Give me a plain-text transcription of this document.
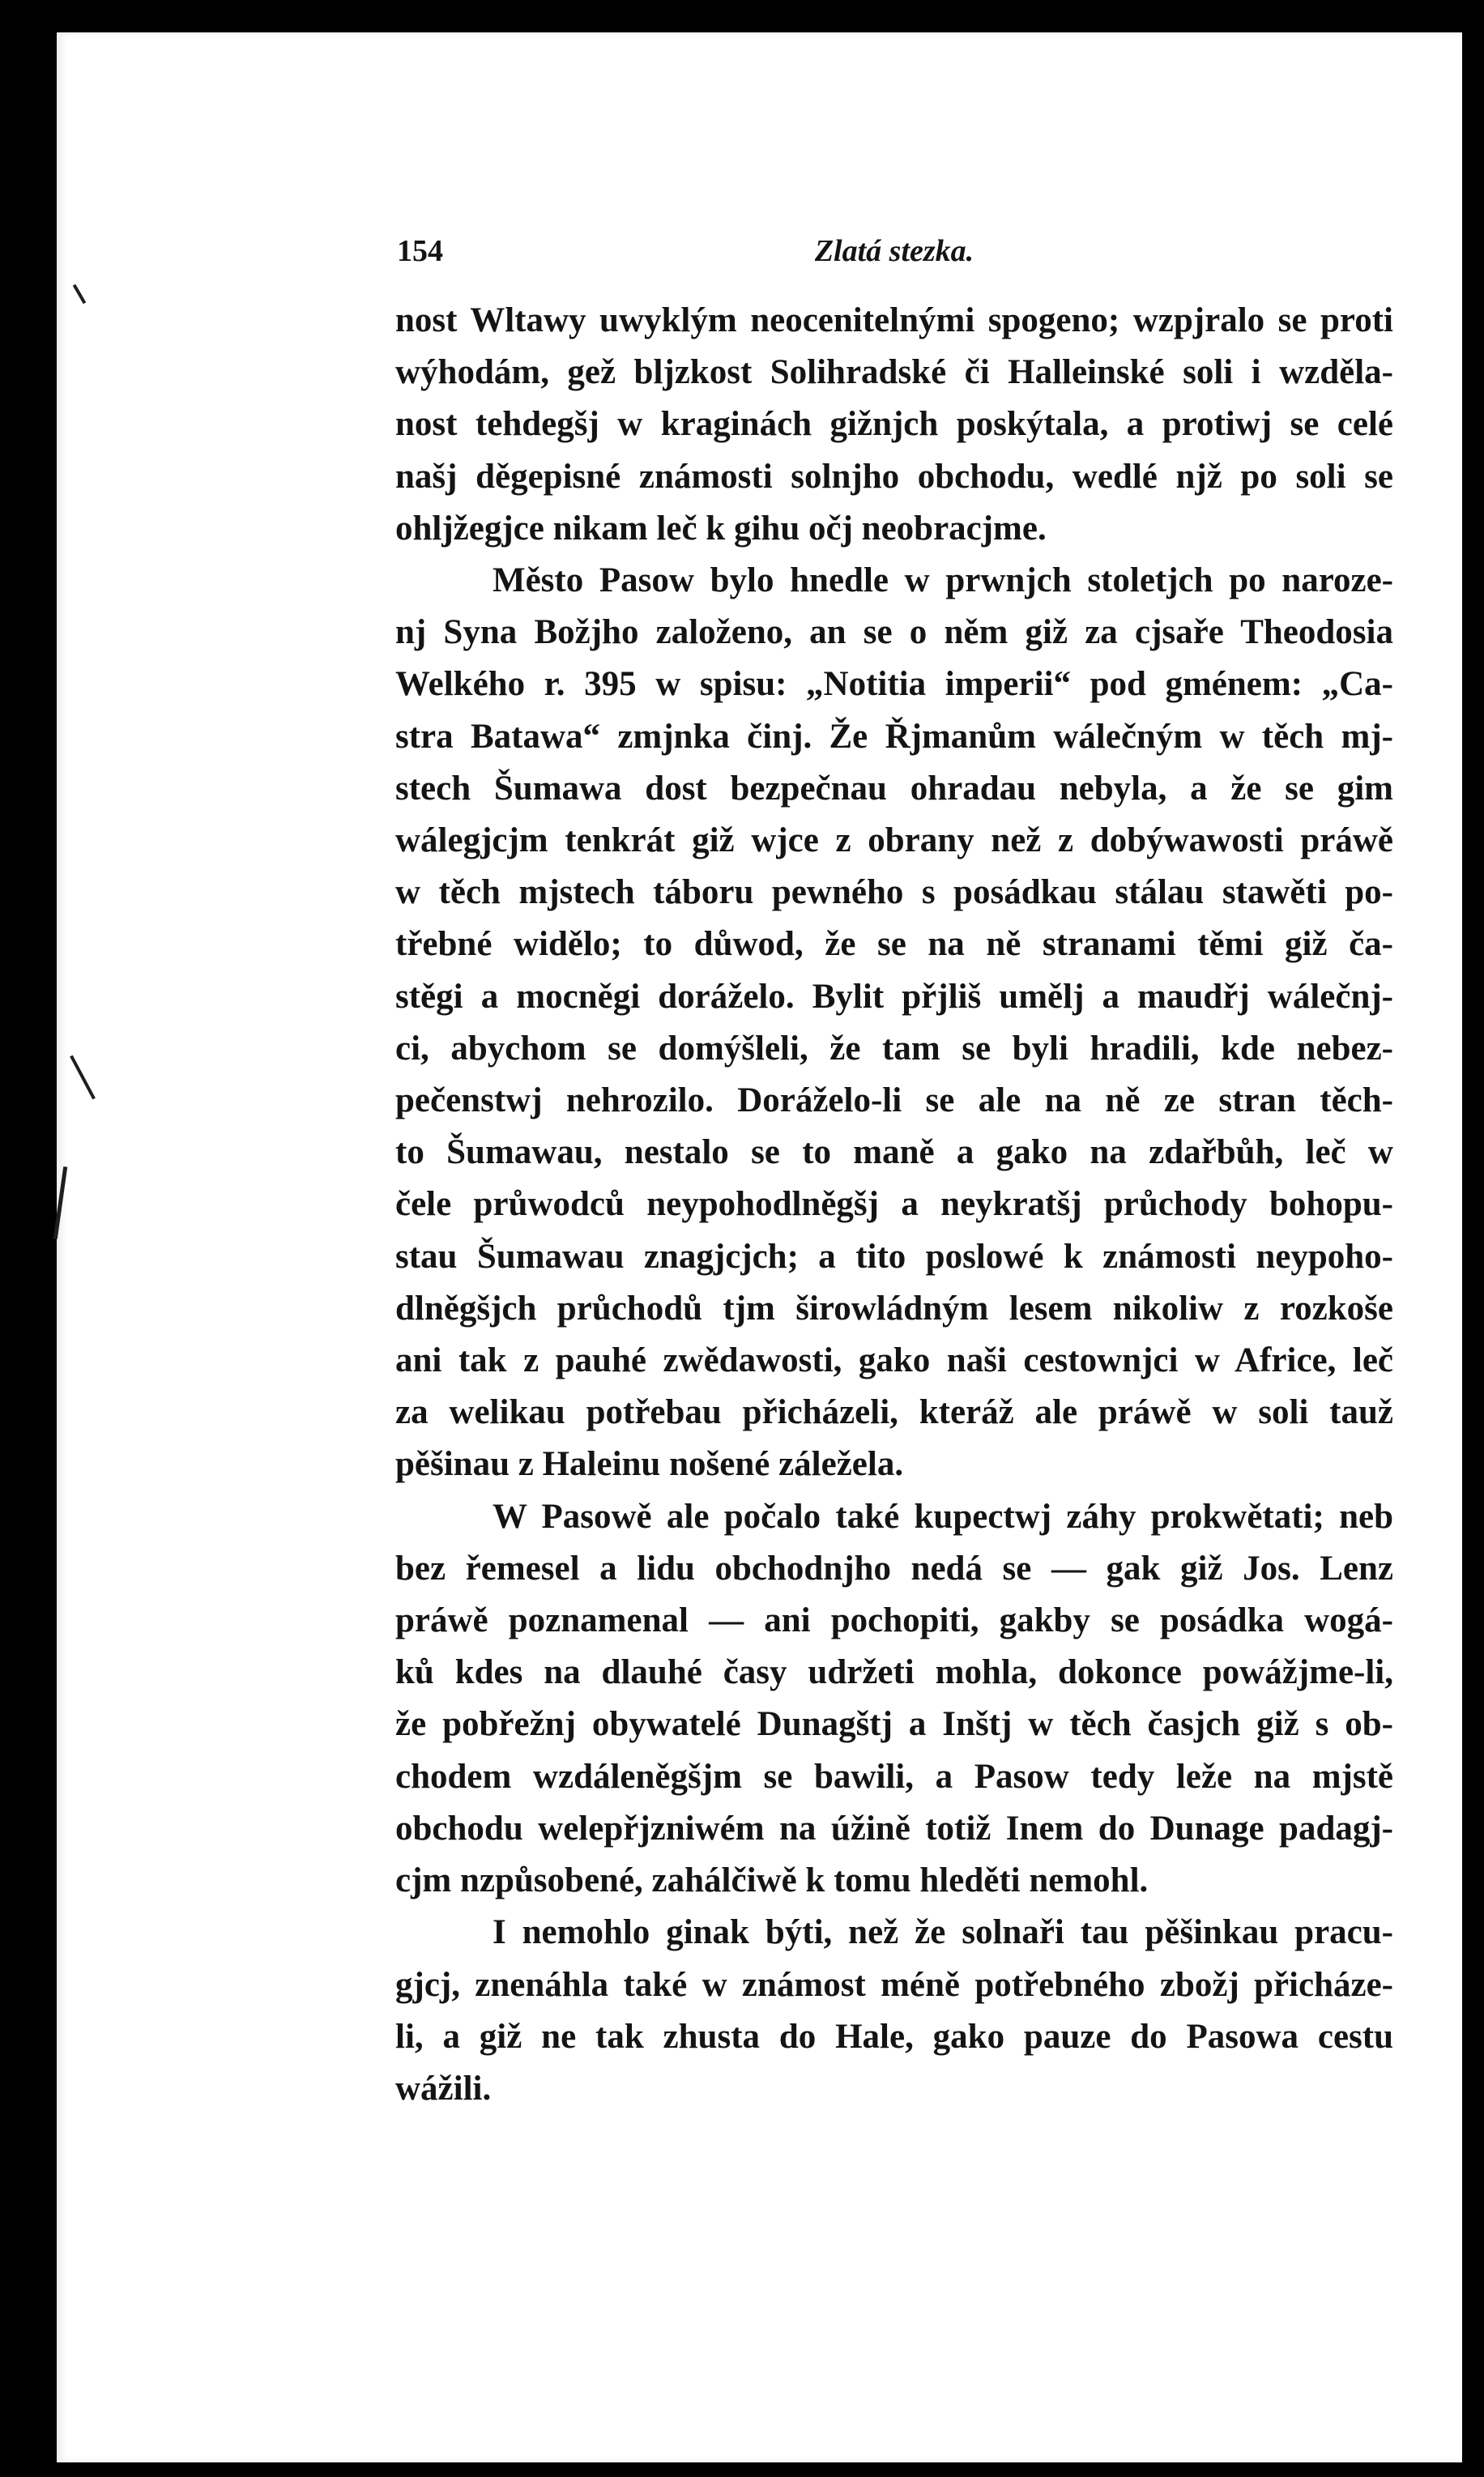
154	Zlatá stezka.

nost Wltawy uwyklým neocenitelnými spogeno; wzpjralo se proti
wýhodám, gež bljzkost Solihradské či Halleinské soli i wzděla-
nost tehdegšj w kraginách gižnjch poskýtala, a protiwj se celé
našj děgepisné známosti solnjho obchodu, wedlé njž po soli se
ohljžegjce nikam leč k gihu očj neobracjme.

Město Pasow bylo hnedle w prwnjch stoletjch po naroze-
nj Syna Božjho založeno, an se o něm giž za cjsaře Theodosia
Welkého r. 395 w spisu: „Notitia imperii“ pod gménem: „Ca-
stra Batawa“ zmjnka činj. Že Řjmanům wálečným w těch mj-
stech Šumawa dost bezpečnau ohradau nebyla, a že se gim
wálegjcjm tenkrát giž wjce z obrany než z dobýwawosti práwě
w těch mjstech táboru pewného s posádkau stálau stawěti po-
třebné widělo; to důwod, že se na ně stranami těmi giž ča-
stěgi a mocněgi doráželo. Bylit přjliš umělj a maudřj wálečnj-
ci, abychom se domýšleli, že tam se byli hradili, kde nebez-
pečenstwj nehrozilo. Doráželo-li se ale na ně ze stran těch-
to Šumawau, nestalo se to maně a gako na zdařbůh, leč w
čele průwodců neypohodlněgšj a neykratšj průchody bohopu-
stau Šumawau znagjcjch; a tito poslowé k známosti neypoho-
dlněgšjch průchodů tjm širowládným lesem nikoliw z rozkoše
ani tak z pauhé zwědawosti, gako naši cestownjci w Africe, leč
za welikau potřebau přicházeli, kteráž ale práwě w soli tauž
pěšinau z Haleinu nošené záležela.

W Pasowě ale počalo také kupectwj záhy prokwětati; neb
bez řemesel a lidu obchodnjho nedá se — gak giž Jos. Lenz
práwě poznamenal — ani pochopiti, gakby se posádka wogá-
ků kdes na dlauhé časy udržeti mohla, dokonce powážjme-li,
že pobřežnj obywatelé Dunagštj a Inštj w těch časjch giž s ob-
chodem wzdáleněgšjm se bawili, a Pasow tedy leže na mjstě
obchodu welepřjzniwém na úžině totiž Inem do Dunage padagj-
cjm nzpůsobené, zahálčiwě k tomu hleděti nemohl.

I nemohlo ginak býti, než že solnaři tau pěšinkau pracu-
gjcj, znenáhla také w známost méně potřebného zbožj přicháze-
li, a giž ne tak zhusta do Hale, gako pauze do Pasowa cestu
wážili.
